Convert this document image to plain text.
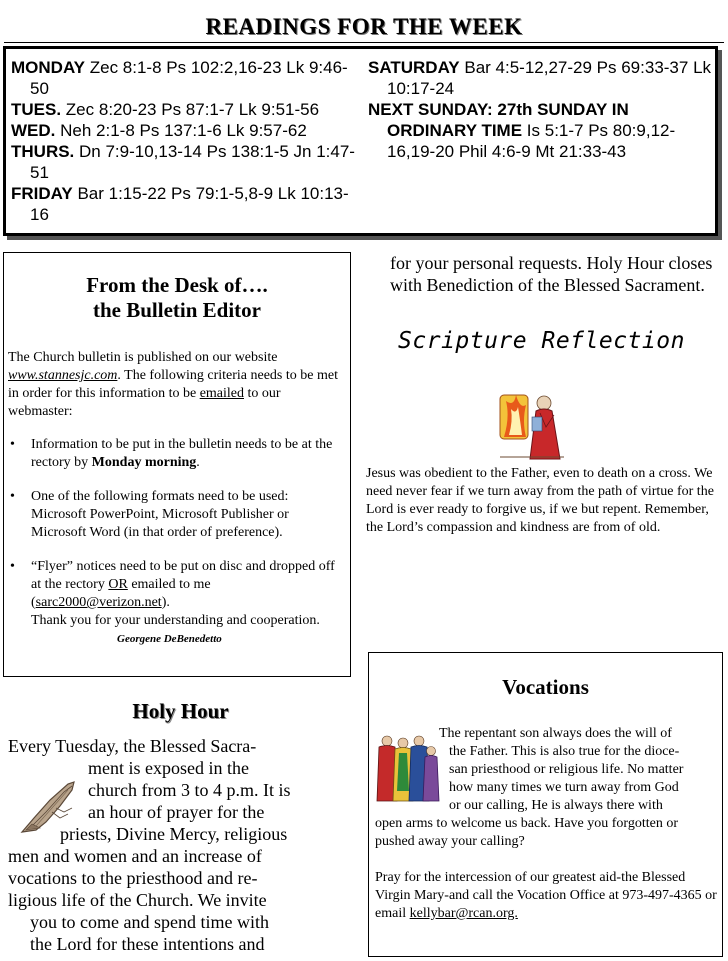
READINGS FOR THE WEEK

MONDAY Zec 8:1-8 Ps 102:2,16-23 Lk 9:46-50

TUES. Zec 8:20-23 Ps 87:1-7 Lk 9:51-56

WED. Neh 2:1-8 Ps 137:1-6 Lk 9:57-62

THURS. Dn 7:9-10,13-14 Ps 138:1-5 Jn 1:47-51

FRIDAY Bar 1:15-22 Ps 79:1-5,8-9 Lk 10:13-16

SATURDAY Bar 4:5-12,27-29 Ps 69:33-37 Lk 10:17-24

NEXT SUNDAY: 27th SUNDAY IN ORDINARY TIME Is 5:1-7 Ps 80:9,12-16,19-20 Phil 4:6-9 Mt 21:33-43

From the Desk of….
the Bulletin Editor

The Church bulletin is published on our website www.stannesjc.com. The following criteria needs to be met in order for this information to be emailed to our webmaster:

• Information to be put in the bulletin needs to be at the rectory by Monday morning.
• One of the following formats need to be used: Microsoft PowerPoint, Microsoft Publisher or Microsoft Word (in that order of preference).
• “Flyer” notices need to be put on disc and dropped off at the rectory OR emailed to me (sarc2000@verizon.net).
Thank you for your understanding and cooperation. Georgene DeBenedetto
Holy Hour
Every Tuesday, the Blessed Sacra-
ment is exposed in the
church from 3 to 4 p.m. It is
an hour of prayer for the
priests, Divine Mercy, religious
men and women and an increase of
vocations to the priesthood and re-
ligious life of the Church. We invite
you to come and spend time with
the Lord for these intentions and
for your personal requests. Holy Hour closes with Benediction of the Blessed Sacrament.
Scripture Reflection
Jesus was obedient to the Father, even to death on a cross. We need never fear if we turn away from the path of virtue for the Lord is ever ready to forgive us, if we but repent. Remember, the Lord’s compassion and kindness are from of old.
Vocations
The repentant son always does the will of
the Father. This is also true for the dioce-
san priesthood or religious life. No matter
how many times we turn away from God
or our calling, He is always there with

open arms to welcome us back. Have you forgotten or pushed away your calling?

Pray for the intercession of our greatest aid-the Blessed Virgin Mary-and call the Vocation Office at 973-497-4365 or email kellybar@rcan.org.
